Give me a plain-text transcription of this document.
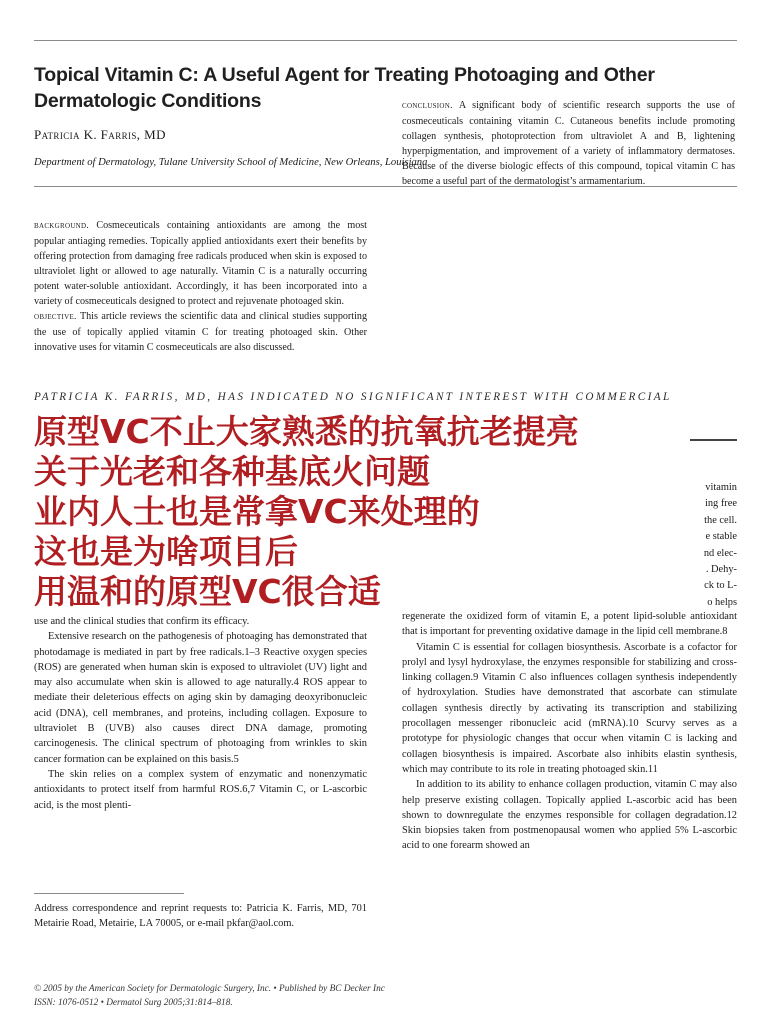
Topical Vitamin C: A Useful Agent for Treating Photoaging and Other Dermatologic Conditions
Patricia K. Farris, MD
Department of Dermatology, Tulane University School of Medicine, New Orleans, Louisiana

background. Cosmeceuticals containing antioxidants are among the most popular antiaging remedies. Topically applied antioxidants exert their benefits by offering protection from damaging free radicals produced when skin is exposed to ultraviolet light or allowed to age naturally. Vitamin C is a naturally occurring potent water-soluble antioxidant. Accordingly, it has been incorporated into a variety of cosmeceuticals designed to protect and rejuvenate photoaged skin.

objective. This article reviews the scientific data and clinical studies supporting the use of topically applied vitamin C for treating photoaged skin. Other innovative uses for vitamin C cosmeceuticals are also discussed.

conclusion. A significant body of scientific research supports the use of cosmeceuticals containing vitamin C. Cutaneous benefits include promoting collagen synthesis, photoprotection from ultraviolet A and B, lightening hyperpigmentation, and improvement of a variety of inflammatory dermatoses. Because of the diverse biologic effects of this compound, topical vitamin C has become a useful part of the dermatologist’s armamentarium.

PATRICIA K. FARRIS, MD, HAS INDICATED NO SIGNIFICANT INTEREST WITH COMMERCIAL
vitamin
ing free
the cell.
e stable
nd elec-
. Dehy-
ck to L-
o helps

use and the clinical studies that confirm its efficacy.

Extensive research on the pathogenesis of photoaging has demonstrated that photodamage is mediated in part by free radicals.1–3 Reactive oxygen species (ROS) are generated when human skin is exposed to ultraviolet (UV) light and may also accumulate when skin is allowed to age naturally.4 ROS appear to mediate their deleterious effects on aging skin by damaging deoxyribonucleic acid (DNA), cell membranes, and proteins, including collagen. Exposure to ultraviolet B (UVB) also causes direct DNA damage, promoting carcinogenesis. The clinical spectrum of photoaging from wrinkles to skin cancer formation can be explained on this basis.5

The skin relies on a complex system of enzymatic and nonenzymatic antioxidants to protect itself from harmful ROS.6,7 Vitamin C, or L-ascorbic acid, is the most plenti-

regenerate the oxidized form of vitamin E, a potent lipid-soluble antioxidant that is important for preventing oxidative damage in the lipid cell membrane.8

Vitamin C is essential for collagen biosynthesis. Ascorbate is a cofactor for prolyl and lysyl hydroxylase, the enzymes responsible for stabilizing and cross-linking collagen.9 Vitamin C also influences collagen synthesis independently of hydroxylation. Studies have demonstrated that ascorbate can stimulate collagen synthesis directly by activating its transcription and stabilizing procollagen messenger ribonucleic acid (mRNA).10 Scurvy serves as a prototype for physiologic changes that occur when vitamin C is lacking and collagen biosynthesis is impaired. Ascorbate also inhibits elastin synthesis, which may contribute to its role in treating photoaged skin.11

In addition to its ability to enhance collagen production, vitamin C may also help preserve existing collagen. Topically applied L-ascorbic acid has been shown to downregulate the enzymes responsible for collagen degradation.12 Skin biopsies taken from postmenopausal women who applied 5% L-ascorbic acid to one forearm showed an

Address correspondence and reprint requests to: Patricia K. Farris, MD, 701 Metairie Road, Metairie, LA 70005, or e-mail pkfar@aol.com.

© 2005 by the American Society for Dermatologic Surgery, Inc. • Published by BC Decker Inc
ISSN: 1076-0512 • Dermatol Surg 2005;31:814–818.
原型VC不止大家熟悉的抗氧抗老提亮
关于光老和各种基底火问题
业内人士也是常拿VC来处理的
这也是为啥项目后
用温和的原型VC很合适
